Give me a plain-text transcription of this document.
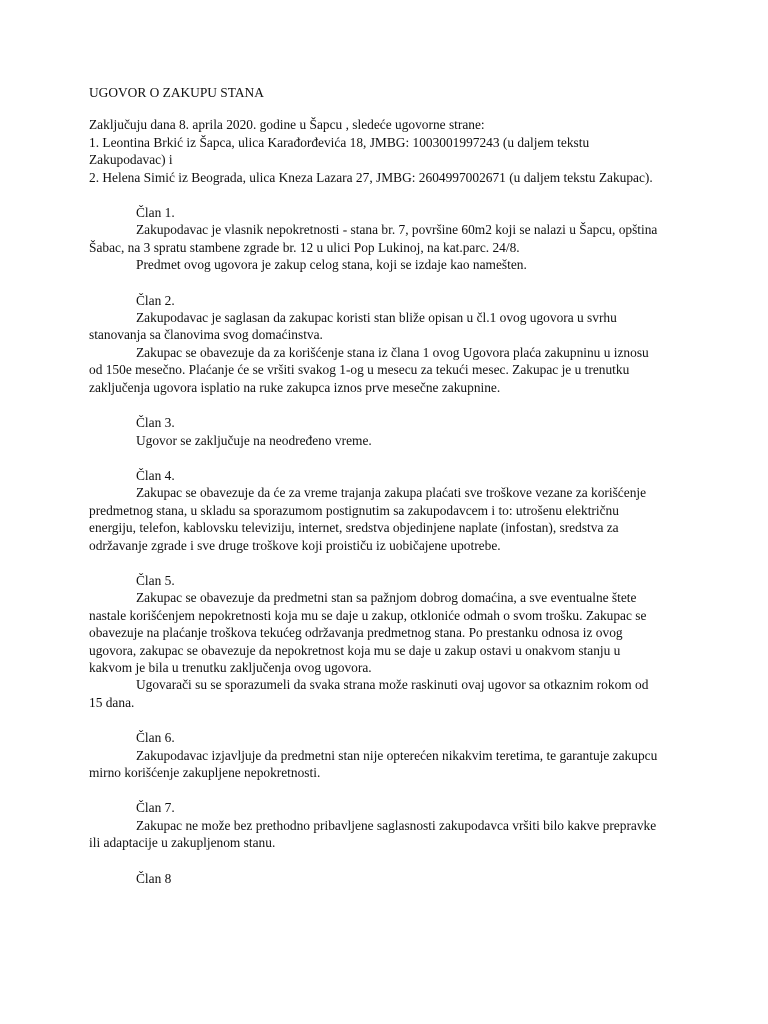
UGOVOR O ZAKUPU STANA

Zaključuju dana 8. aprila 2020. godine u Šapcu , sledeće ugovorne strane:

1. Leontina Brkić iz Šapca, ulica Karađorđevića 18, JMBG: 1003001997243 (u daljem tekstu Zakupodavac) i

2. Helena Simić iz Beograda, ulica Kneza Lazara 27, JMBG: 2604997002671 (u daljem tekstu Zakupac).

Član 1.

Zakupodavac je vlasnik nepokretnosti - stana br. 7, površine 60m2 koji se nalazi u Šapcu, opština Šabac, na 3 spratu stambene zgrade br. 12 u ulici Pop Lukinoj, na kat.parc. 24/8.

Predmet ovog ugovora je zakup celog stana, koji se izdaje kao nameštеn.

Član 2.

Zakupodavac je saglasan da zakupac koristi stan bliže opisan u čl.1 ovog ugovora u svrhu stanovanja sa članovima svog domaćinstva.

Zakupac se obavezuje da za korišćenje stana iz člana 1 ovog Ugovora plaća zakupninu u iznosu od 150e mesečno. Plaćanje će se vršiti svakog 1-og u mesecu za tekući mesec. Zakupac je u trenutku zaključenja ugovora isplatio na ruke zakupca iznos prve mesečne zakupnine.

Član 3.

Ugovor se zaključuje na neodređeno vreme.

Član 4.

Zakupac se obavezuje da će za vreme trajanja zakupa plaćati sve troškove vezane za korišćenje predmetnog stana, u skladu sa sporazumom postignutim sa zakupodavcem i to: utrošenu električnu energiju, telefon, kablovsku televiziju, internet, sredstva objedinjene naplate (infostan), sredstva za održavanje zgrade i sve druge troškove koji proističu iz uobičajene upotrebe.

Član 5.

Zakupac se obavezuje da predmetni stan sa pažnjom dobrog domaćina, a sve eventualne štete nastale korišćenjem nepokretnosti koja mu se daje u zakup, otkloniće odmah o svom trošku. Zakupac se obavezuje na plaćanje troškova tekućeg održavanja predmetnog stana. Po prestanku odnosa iz ovog ugovora, zakupac se obavezuje da nepokretnost koja mu se daje u zakup ostavi u onakvom stanju u kakvom je bila u trenutku zaključenja ovog ugovora.

Ugovarači su se sporazumeli da svaka strana može raskinuti ovaj ugovor sa otkaznim rokom od 15 dana.

Član 6.

Zakupodavac izjavljuje da predmetni stan nije opterećen nikakvim teretima, te garantuje zakupcu mirno korišćenje zakupljene nepokretnosti.

Član 7.

Zakupac ne može bez prethodno pribavljene saglasnosti zakupodavca vršiti bilo kakve prepravke ili adaptacije u zakupljenom stanu.

Član 8
